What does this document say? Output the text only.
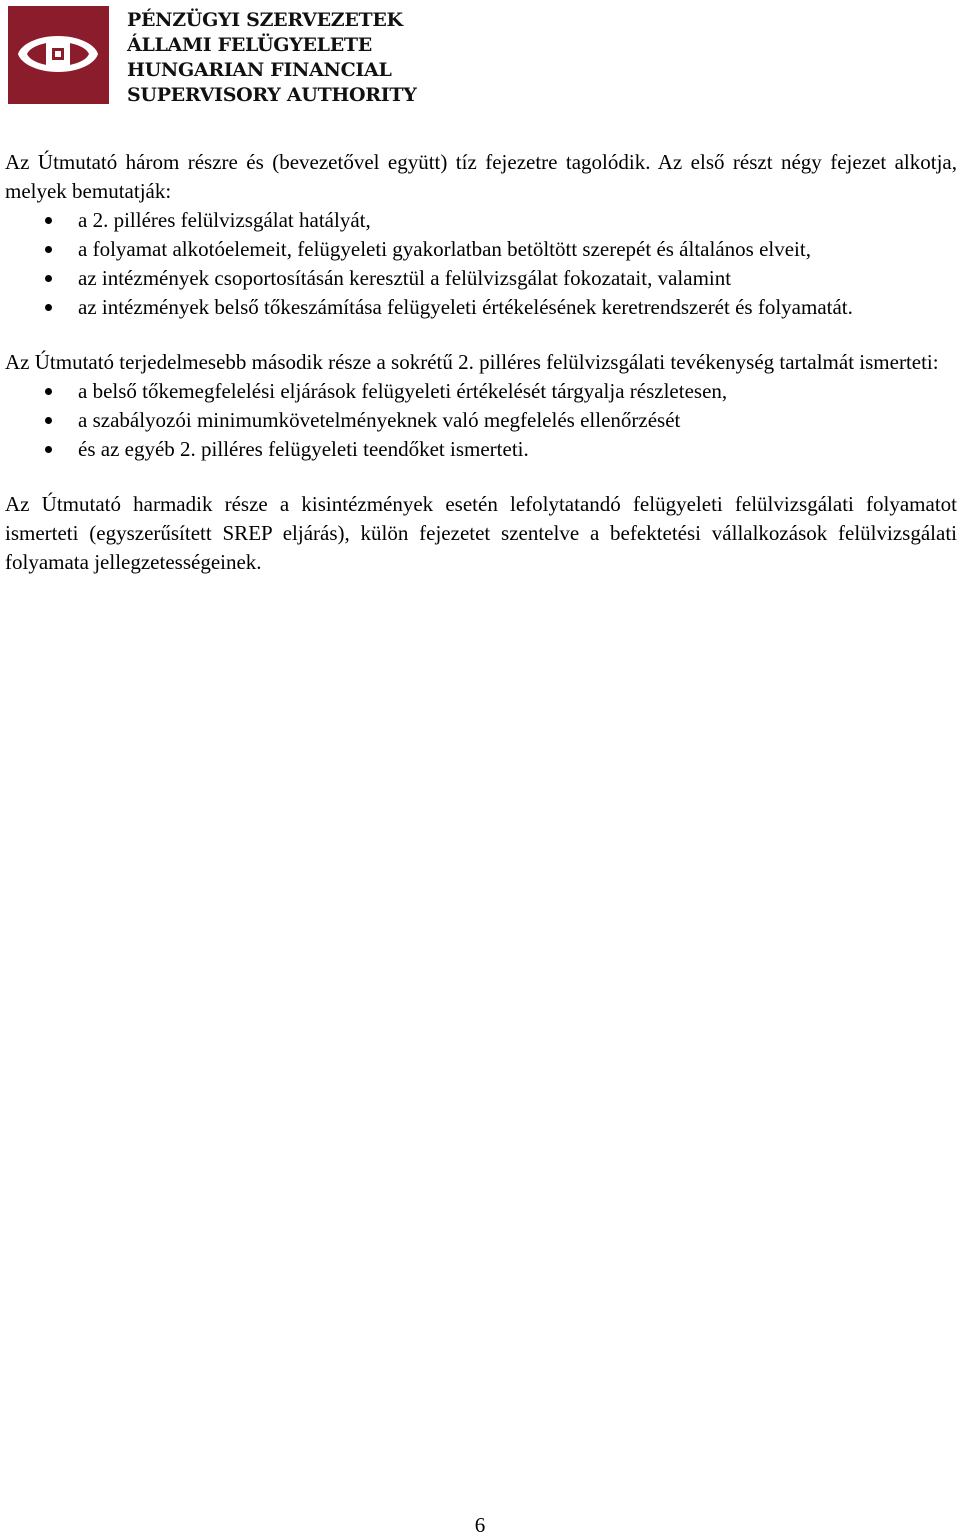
PÉNZÜGYI SZERVEZETEK
ÁLLAMI FELÜGYELETE
HUNGARIAN FINANCIAL
SUPERVISORY AUTHORITY

Az Útmutató három részre és (bevezetővel együtt) tíz fejezetre tagolódik. Az első részt négy fejezet alkotja, melyek bemutatják:

a 2. pilléres felülvizsgálat hatályát,
a folyamat alkotóelemeit, felügyeleti gyakorlatban betöltött szerepét és általános elveit,
az intézmények csoportosításán keresztül a felülvizsgálat fokozatait, valamint
az intézmények belső tőkeszámítása felügyeleti értékelésének keretrendszerét és folyamatát.

Az Útmutató terjedelmesebb második része a sokrétű 2. pilléres felülvizsgálati tevékenység tartalmát ismerteti:

a belső tőkemegfelelési eljárások felügyeleti értékelését tárgyalja részletesen,
a szabályozói minimumkövetelményeknek való megfelelés ellenőrzését
és az egyéb 2. pilléres felügyeleti teendőket ismerteti.

Az Útmutató harmadik része a kisintézmények esetén lefolytatandó felügyeleti felülvizsgálati folyamatot ismerteti (egyszerűsített SREP eljárás), külön fejezetet szentelve a befektetési vállalkozások felülvizsgálati folyamata jellegzetességeinek.

6
